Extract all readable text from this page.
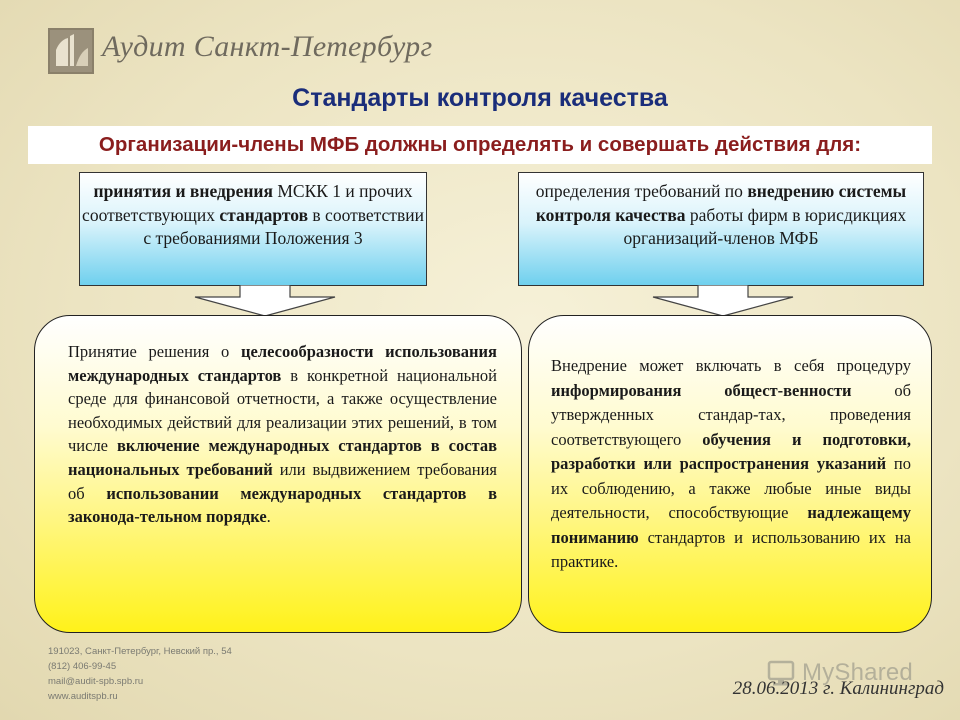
Аудит Санкт-Петербург
Стандарты контроля качества
Организации-члены МФБ должны определять и совершать действия для:
принятия и внедрения МСКК 1 и прочих соответствующих стандартов в соответствии с требованиями Положения 3
определения требований по внедрению системы контроля качества работы фирм в юрисдикциях организаций-членов МФБ

Принятие решения о целесообразности использования международных стандартов в конкретной национальной среде для финансовой отчетности, а также осуществление необходимых действий для реализации этих решений, в том числе включение международных стандартов в состав национальных требований или выдвижением требования об использовании международных стандартов в законода-тельном порядке.

Внедрение может включать в себя процедуру информирования общест-венности об утвержденных стандар-тах, проведения соответствующего обучения и подготовки, разработки или распространения указаний по их соблюдению, а также любые иные виды деятельности, способствующие надлежащему пониманию стандартов и использованию их на практике.

191023, Санкт-Петербург, Невский пр., 54
(812) 406-99-45
mail@audit-spb.spb.ru
www.auditspb.ru
MyShared
28.06.2013 г. Калининград
